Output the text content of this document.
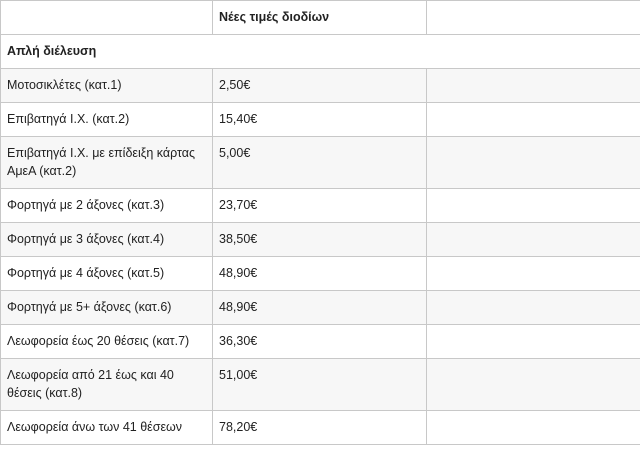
	Νέες τιμές διοδίων	
Απλή διέλευση		
Μοτοσικλέτες (κατ.1)	2,50€	
Επιβατηγά Ι.Χ. (κατ.2)	15,40€	
Επιβατηγά Ι.Χ. με επίδειξη κάρτας ΑμεΑ (κατ.2)	5,00€	
Φορτηγά με 2 άξονες (κατ.3)	23,70€	
Φορτηγά με 3 άξονες (κατ.4)	38,50€	
Φορτηγά με 4 άξονες (κατ.5)	48,90€	
Φορτηγά με 5+ άξονες (κατ.6)	48,90€	
Λεωφορεία έως 20 θέσεις (κατ.7)	36,30€	
Λεωφορεία από 21 έως και 40 θέσεις (κατ.8)	51,00€	
Λεωφορεία άνω των 41 θέσεων	78,20€	
